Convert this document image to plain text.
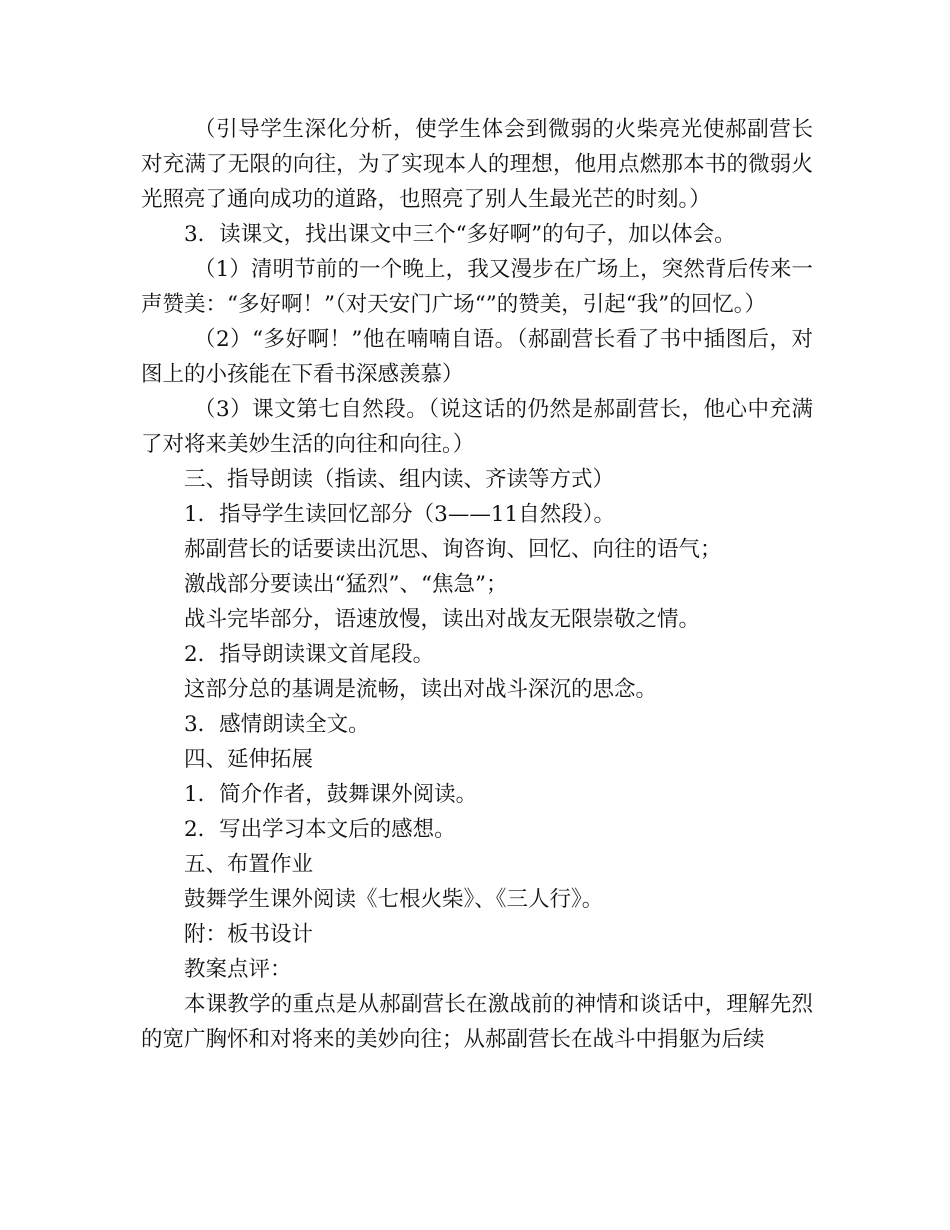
（引导学生深化分析，使学生体会到微弱的火柴亮光使郝副营长对充满了无限的向往，为了实现本人的理想，他用点燃那本书的微弱火光照亮了通向成功的道路，也照亮了别人生最光芒的时刻。）

3．读课文，找出课文中三个“多好啊”的句子，加以体会。

（1）清明节前的一个晚上，我又漫步在广场上，突然背后传来一声赞美：“多好啊！”（对天安门广场“”的赞美，引起“我”的回忆。）

（2）“多好啊！”他在喃喃自语。（郝副营长看了书中插图后，对图上的小孩能在下看书深感羡慕）

（3）课文第七自然段。（说这话的仍然是郝副营长，他心中充满了对将来美妙生活的向往和向往。）

三、指导朗读（指读、组内读、齐读等方式）

1．指导学生读回忆部分（3——11自然段）。

郝副营长的话要读出沉思、询咨询、回忆、向往的语气；

激战部分要读出“猛烈”、“焦急”；

战斗完毕部分，语速放慢，读出对战友无限崇敬之情。

2．指导朗读课文首尾段。

这部分总的基调是流畅，读出对战斗深沉的思念。

3．感情朗读全文。

四、延伸拓展

1．简介作者，鼓舞课外阅读。

2．写出学习本文后的感想。

五、布置作业

鼓舞学生课外阅读《七根火柴》、《三人行》。

附：板书设计

教案点评：

本课教学的重点是从郝副营长在激战前的神情和谈话中，理解先烈的宽广胸怀和对将来的美妙向往；从郝副营长在战斗中捐躯为后续
